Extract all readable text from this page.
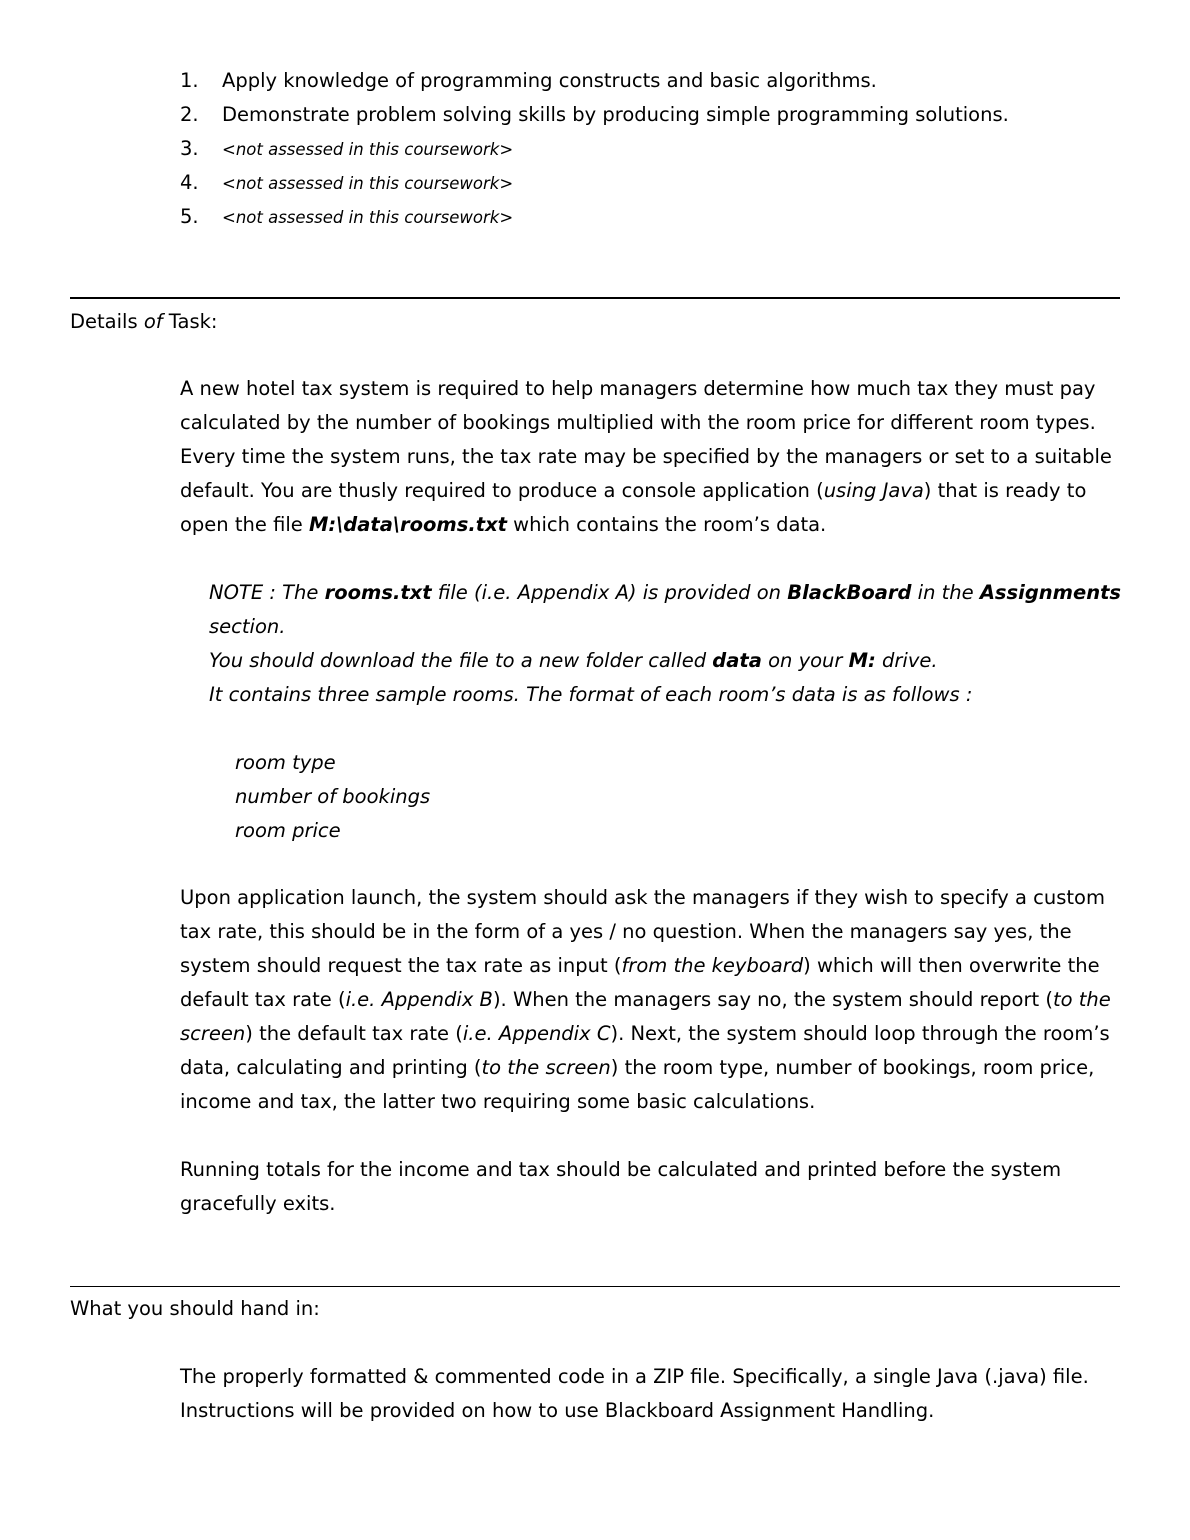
1. Apply knowledge of programming constructs and basic algorithms.
2. Demonstrate problem solving skills by producing simple programming solutions.
3. <not assessed in this coursework>
4. <not assessed in this coursework>
5. <not assessed in this coursework>
Details of Task:
A new hotel tax system is required to help managers determine how much tax they must pay
calculated by the number of bookings multiplied with the room price for different room types.
Every time the system runs, the tax rate may be specified by the managers or set to a suitable
default. You are thusly required to produce a console application (using Java) that is ready to
open the file M:\data\rooms.txt which contains the room’s data.
NOTE : The rooms.txt file (i.e. Appendix A) is provided on BlackBoard in the Assignments
section.
You should download the file to a new folder called data on your M: drive.
It contains three sample rooms. The format of each room’s data is as follows :
room type
number of bookings
room price
Upon application launch, the system should ask the managers if they wish to specify a custom
tax rate, this should be in the form of a yes / no question. When the managers say yes, the
system should request the tax rate as input (from the keyboard) which will then overwrite the
default tax rate (i.e. Appendix B). When the managers say no, the system should report (to the
screen) the default tax rate (i.e. Appendix C). Next, the system should loop through the room’s
data, calculating and printing (to the screen) the room type, number of bookings, room price,
income and tax, the latter two requiring some basic calculations.
Running totals for the income and tax should be calculated and printed before the system
gracefully exits.
What you should hand in:
The properly formatted & commented code in a ZIP file. Specifically, a single Java (.java) file.
Instructions will be provided on how to use Blackboard Assignment Handling.
